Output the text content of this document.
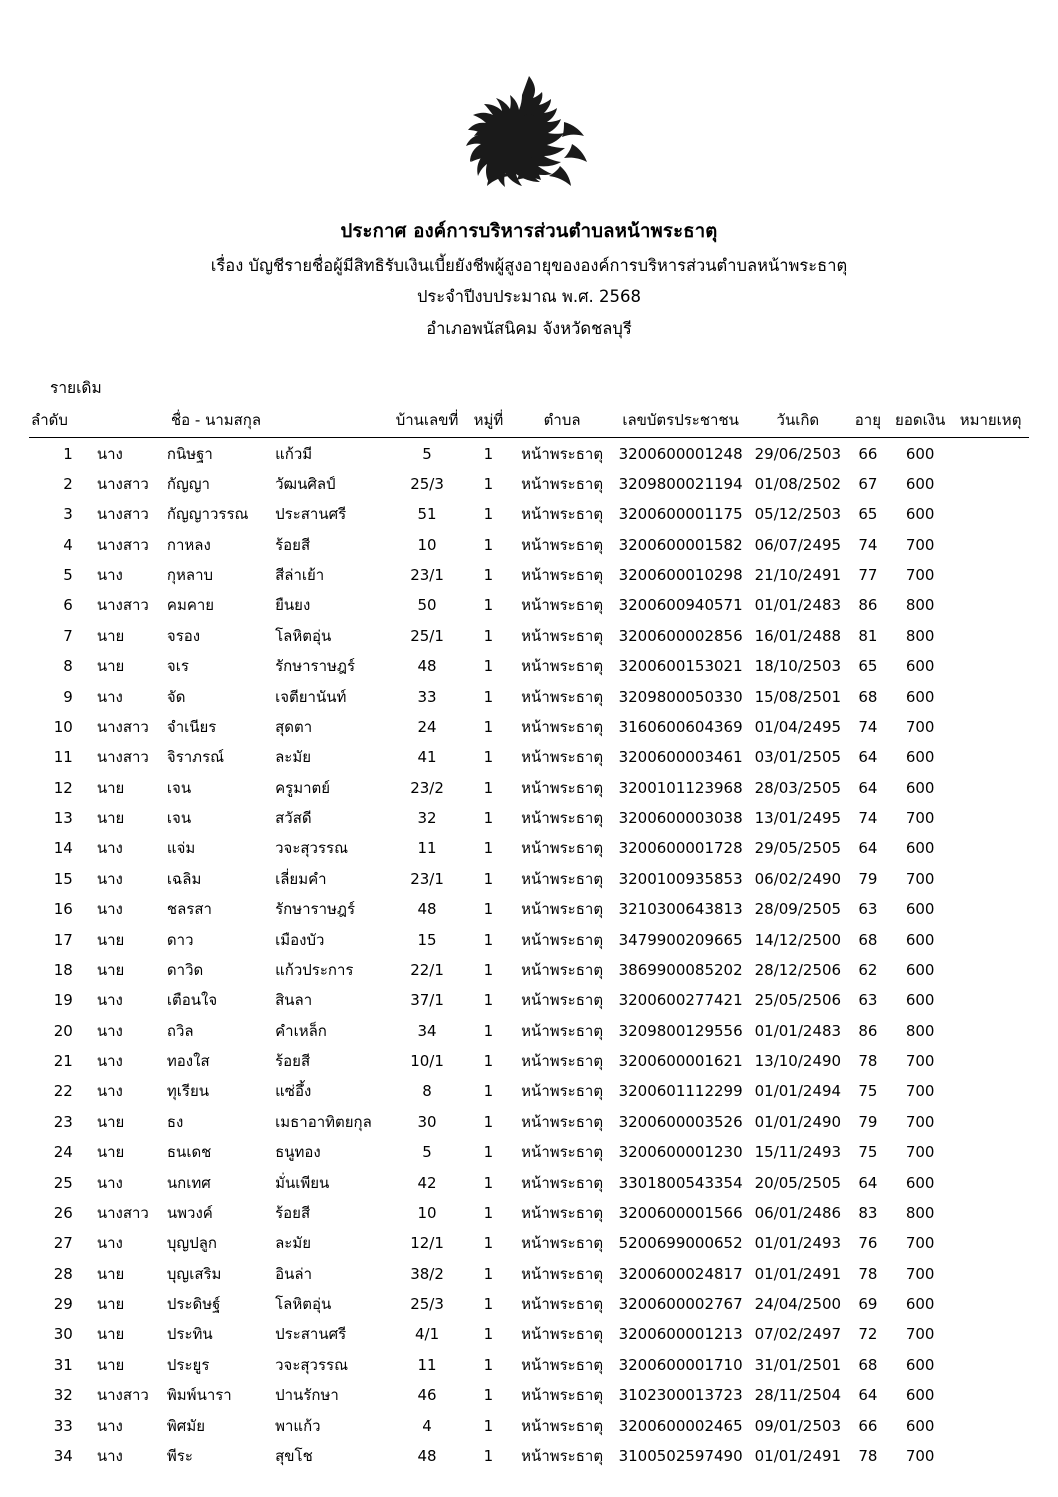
ประกาศ องค์การบริหารส่วนตำบลหน้าพระธาตุ
เรื่อง บัญชีรายชื่อผู้มีสิทธิรับเงินเบี้ยยังชีพผู้สูงอายุขององค์การบริหารส่วนตำบลหน้าพระธาตุ
ประจำปีงบประมาณ พ.ศ. 2568
อำเภอพนัสนิคม จังหวัดชลบุรี
รายเดิม
ลำดับ		ชื่อ - นามสกุล		บ้านเลขที่	หมู่ที่	ตำบล	เลขบัตรประชาชน	วันเกิด	อายุ	ยอดเงิน	หมายเหตุ
1	นาง	กนิษฐา	แก้วมี	5	1	หน้าพระธาตุ	3200600001248	29/06/2503	66	600	
2	นางสาว	กัญญา	วัฒนศิลป์	25/3	1	หน้าพระธาตุ	3209800021194	01/08/2502	67	600	
3	นางสาว	กัญญาวรรณ	ประสานศรี	51	1	หน้าพระธาตุ	3200600001175	05/12/2503	65	600	
4	นางสาว	กาหลง	ร้อยสี	10	1	หน้าพระธาตุ	3200600001582	06/07/2495	74	700	
5	นาง	กุหลาบ	สีล่าเย้า	23/1	1	หน้าพระธาตุ	3200600010298	21/10/2491	77	700	
6	นางสาว	คมคาย	ยืนยง	50	1	หน้าพระธาตุ	3200600940571	01/01/2483	86	800	
7	นาย	จรอง	โลหิตอุ่น	25/1	1	หน้าพระธาตุ	3200600002856	16/01/2488	81	800	
8	นาย	จเร	รักษาราษฎร์	48	1	หน้าพระธาตุ	3200600153021	18/10/2503	65	600	
9	นาง	จัด	เจตียานันท์	33	1	หน้าพระธาตุ	3209800050330	15/08/2501	68	600	
10	นางสาว	จำเนียร	สุดตา	24	1	หน้าพระธาตุ	3160600604369	01/04/2495	74	700	
11	นางสาว	จิราภรณ์	ละมัย	41	1	หน้าพระธาตุ	3200600003461	03/01/2505	64	600	
12	นาย	เจน	ครูมาตย์	23/2	1	หน้าพระธาตุ	3200101123968	28/03/2505	64	600	
13	นาย	เจน	สวัสดี	32	1	หน้าพระธาตุ	3200600003038	13/01/2495	74	700	
14	นาง	แจ่ม	วจะสุวรรณ	11	1	หน้าพระธาตุ	3200600001728	29/05/2505	64	600	
15	นาง	เฉลิม	เลี่ยมคำ	23/1	1	หน้าพระธาตุ	3200100935853	06/02/2490	79	700	
16	นาง	ชลรสา	รักษาราษฎร์	48	1	หน้าพระธาตุ	3210300643813	28/09/2505	63	600	
17	นาย	ดาว	เมืองบัว	15	1	หน้าพระธาตุ	3479900209665	14/12/2500	68	600	
18	นาย	ดาวิด	แก้วประการ	22/1	1	หน้าพระธาตุ	3869900085202	28/12/2506	62	600	
19	นาง	เตือนใจ	สินลา	37/1	1	หน้าพระธาตุ	3200600277421	25/05/2506	63	600	
20	นาง	ถวิล	คำเหล็ก	34	1	หน้าพระธาตุ	3209800129556	01/01/2483	86	800	
21	นาง	ทองใส	ร้อยสี	10/1	1	หน้าพระธาตุ	3200600001621	13/10/2490	78	700	
22	นาง	ทุเรียน	แซ่อึ้ง	8	1	หน้าพระธาตุ	3200601112299	01/01/2494	75	700	
23	นาย	ธง	เมธาอาทิตยกุล	30	1	หน้าพระธาตุ	3200600003526	01/01/2490	79	700	
24	นาย	ธนเดช	ธนูทอง	5	1	หน้าพระธาตุ	3200600001230	15/11/2493	75	700	
25	นาง	นกเทศ	มั่นเพียน	42	1	หน้าพระธาตุ	3301800543354	20/05/2505	64	600	
26	นางสาว	นพวงค์	ร้อยสี	10	1	หน้าพระธาตุ	3200600001566	06/01/2486	83	800	
27	นาง	บุญปลูก	ละมัย	12/1	1	หน้าพระธาตุ	5200699000652	01/01/2493	76	700	
28	นาย	บุญเสริม	อินล่า	38/2	1	หน้าพระธาตุ	3200600024817	01/01/2491	78	700	
29	นาย	ประดิษฐ์	โลหิตอุ่น	25/3	1	หน้าพระธาตุ	3200600002767	24/04/2500	69	600	
30	นาย	ประทิน	ประสานศรี	4/1	1	หน้าพระธาตุ	3200600001213	07/02/2497	72	700	
31	นาย	ประยูร	วจะสุวรรณ	11	1	หน้าพระธาตุ	3200600001710	31/01/2501	68	600	
32	นางสาว	พิมพ์นารา	ปานรักษา	46	1	หน้าพระธาตุ	3102300013723	28/11/2504	64	600	
33	นาง	พิศมัย	พาแก้ว	4	1	หน้าพระธาตุ	3200600002465	09/01/2503	66	600	
34	นาง	พีระ	สุขโช	48	1	หน้าพระธาตุ	3100502597490	01/01/2491	78	700	
